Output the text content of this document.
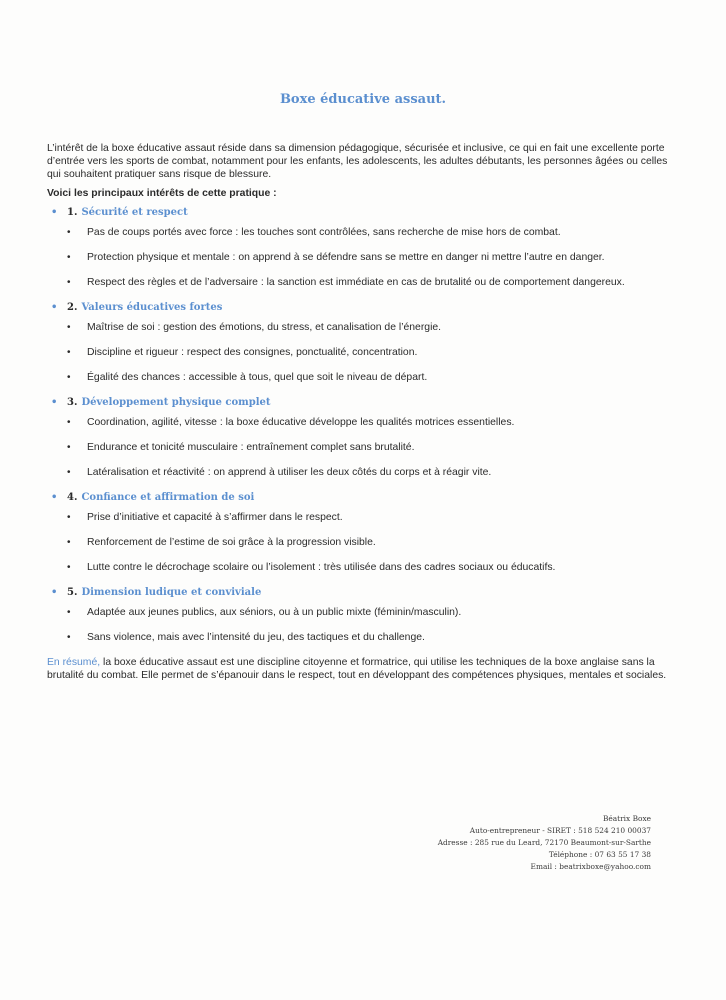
Boxe éducative assaut.

L’intérêt de la boxe éducative assaut réside dans sa dimension pédagogique, sécurisée et inclusive, ce qui en fait une excellente porte d’entrée vers les sports de combat, notamment pour les enfants, les adolescents, les adultes débutants, les personnes âgées ou celles qui souhaitent pratiquer sans risque de blessure.

Voici les principaux intérêts de cette pratique :

• 1. Sécurité et respect
• Pas de coups portés avec force : les touches sont contrôlées, sans recherche de mise hors de combat.
• Protection physique et mentale : on apprend à se défendre sans se mettre en danger ni mettre l’autre en danger.
• Respect des règles et de l’adversaire : la sanction est immédiate en cas de brutalité ou de comportement dangereux.
• 2. Valeurs éducatives fortes
• Maîtrise de soi : gestion des émotions, du stress, et canalisation de l’énergie.
• Discipline et rigueur : respect des consignes, ponctualité, concentration.
• Égalité des chances : accessible à tous, quel que soit le niveau de départ.
• 3. Développement physique complet
• Coordination, agilité, vitesse : la boxe éducative développe les qualités motrices essentielles.
• Endurance et tonicité musculaire : entraînement complet sans brutalité.
• Latéralisation et réactivité : on apprend à utiliser les deux côtés du corps et à réagir vite.
• 4. Confiance et affirmation de soi
• Prise d’initiative et capacité à s’affirmer dans le respect.
• Renforcement de l’estime de soi grâce à la progression visible.
• Lutte contre le décrochage scolaire ou l’isolement : très utilisée dans des cadres sociaux ou éducatifs.
• 5. Dimension ludique et conviviale
• Adaptée aux jeunes publics, aux séniors, ou à un public mixte (féminin/masculin).
• Sans violence, mais avec l’intensité du jeu, des tactiques et du challenge.

En résumé, la boxe éducative assaut est une discipline citoyenne et formatrice, qui utilise les techniques de la boxe anglaise sans la brutalité du combat. Elle permet de s’épanouir dans le respect, tout en développant des compétences physiques, mentales et sociales.

Béatrix Boxe
Auto-entrepreneur - SIRET : 518 524 210 00037
Adresse : 285 rue du Leard, 72170 Beaumont-sur-Sarthe
Téléphone : 07 63 55 17 38
Email : beatrixboxe@yahoo.com
